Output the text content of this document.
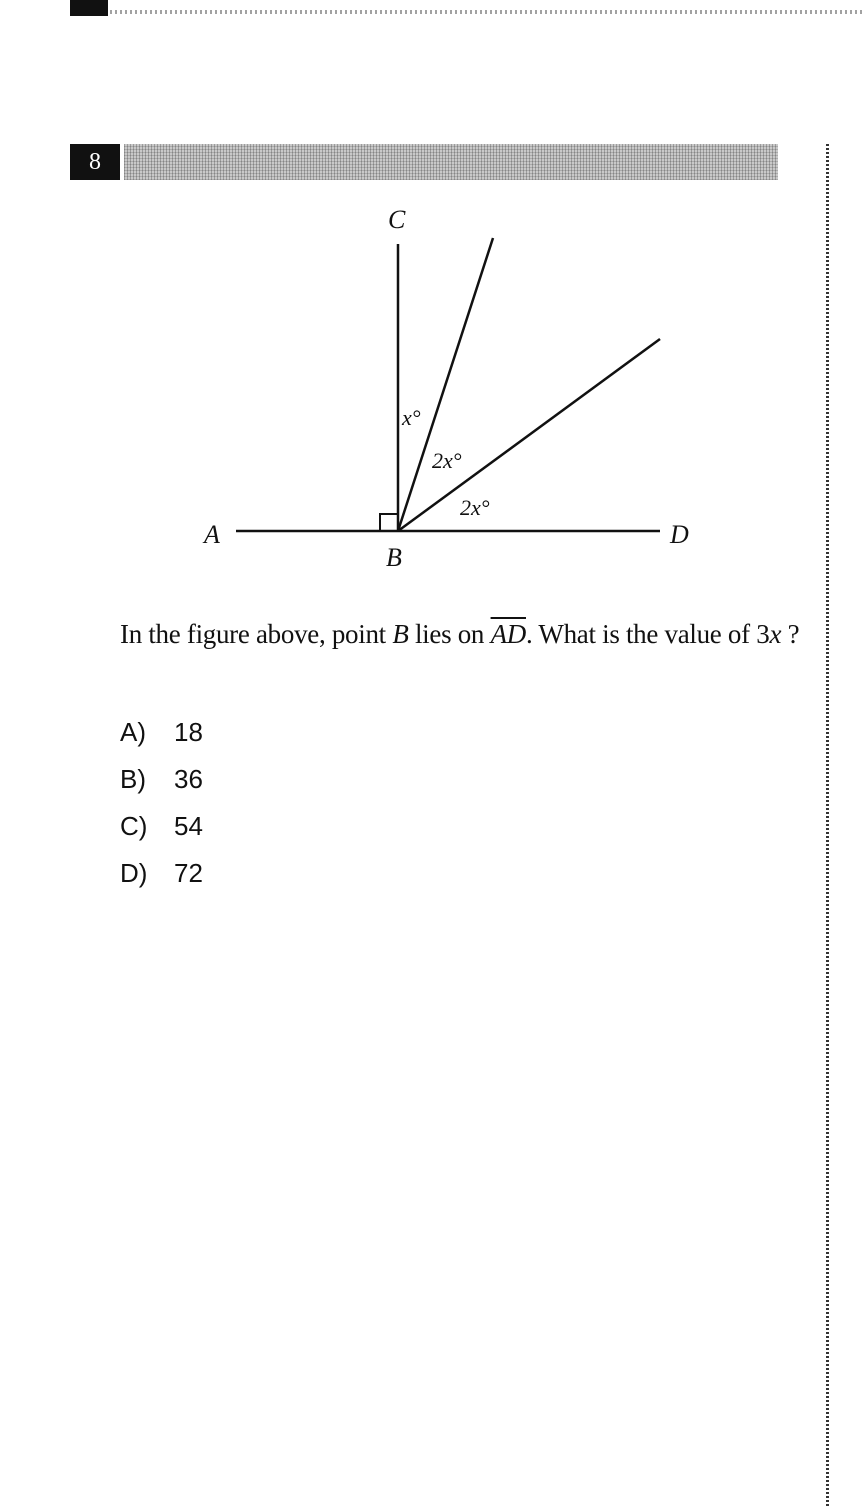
8
A
B
C
D
x°
2x°
2x°
In the figure above, point B lies on $\overline{AD}$. What is the value of 3x ?
A) 18
B) 36
C) 54
D) 72
